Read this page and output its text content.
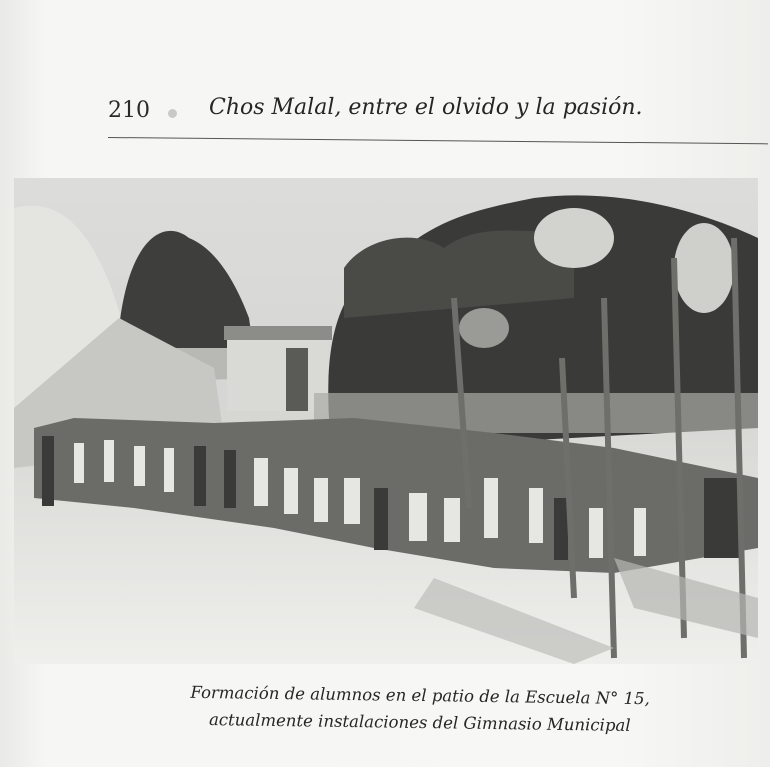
210	Chos Malal, entre el olvido y la pasión.
Formación de alumnos en el patio de la Escuela N° 15,
actualmente instalaciones del Gimnasio Municipal
